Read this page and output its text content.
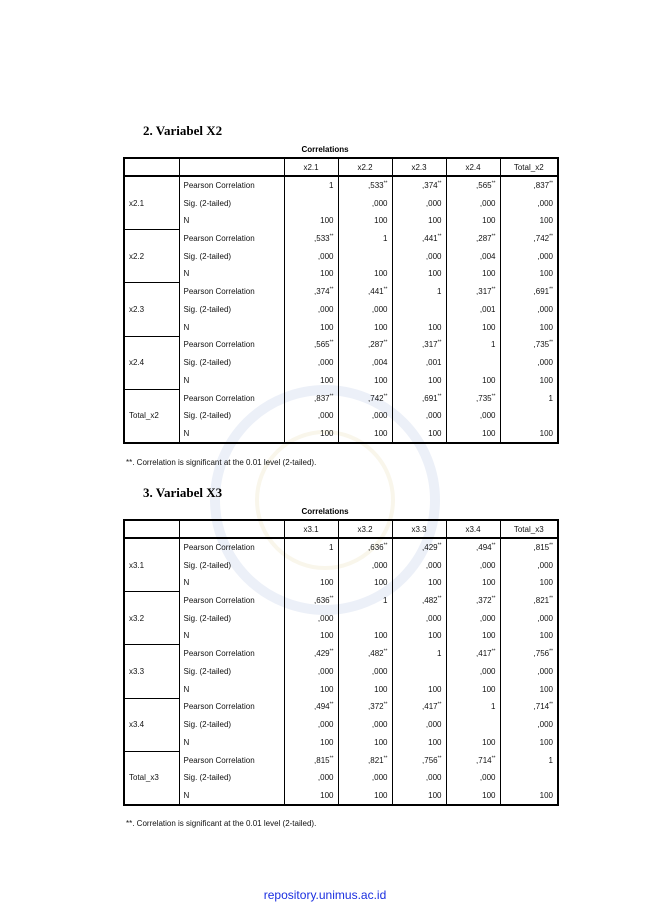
2. Variabel X2
Correlations
		x2.1	x2.2	x2.3	x2.4	Total_x2
	Pearson Correlation	1	,533**	,374**	,565**	,837**
x2.1	Sig. (2-tailed)		,000	,000	,000	,000
	N	100	100	100	100	100
	Pearson Correlation	,533**	1	,441**	,287**	,742**
x2.2	Sig. (2-tailed)	,000		,000	,004	,000
	N	100	100	100	100	100
	Pearson Correlation	,374**	,441**	1	,317**	,691**
x2.3	Sig. (2-tailed)	,000	,000		,001	,000
	N	100	100	100	100	100
	Pearson Correlation	,565**	,287**	,317**	1	,735**
x2.4	Sig. (2-tailed)	,000	,004	,001		,000
	N	100	100	100	100	100
	Pearson Correlation	,837**	,742**	,691**	,735**	1
Total_x2	Sig. (2-tailed)	,000	,000	,000	,000	
	N	100	100	100	100	100
**. Correlation is significant at the 0.01 level (2-tailed).
3. Variabel X3
Correlations
		x3.1	x3.2	x3.3	x3.4	Total_x3
	Pearson Correlation	1	,636**	,429**	,494**	,815**
x3.1	Sig. (2-tailed)		,000	,000	,000	,000
	N	100	100	100	100	100
	Pearson Correlation	,636**	1	,482**	,372**	,821**
x3.2	Sig. (2-tailed)	,000		,000	,000	,000
	N	100	100	100	100	100
	Pearson Correlation	,429**	,482**	1	,417**	,756**
x3.3	Sig. (2-tailed)	,000	,000		,000	,000
	N	100	100	100	100	100
	Pearson Correlation	,494**	,372**	,417**	1	,714**
x3.4	Sig. (2-tailed)	,000	,000	,000		,000
	N	100	100	100	100	100
	Pearson Correlation	,815**	,821**	,756**	,714**	1
Total_x3	Sig. (2-tailed)	,000	,000	,000	,000	
	N	100	100	100	100	100
**. Correlation is significant at the 0.01 level (2-tailed).
repository.unimus.ac.id
